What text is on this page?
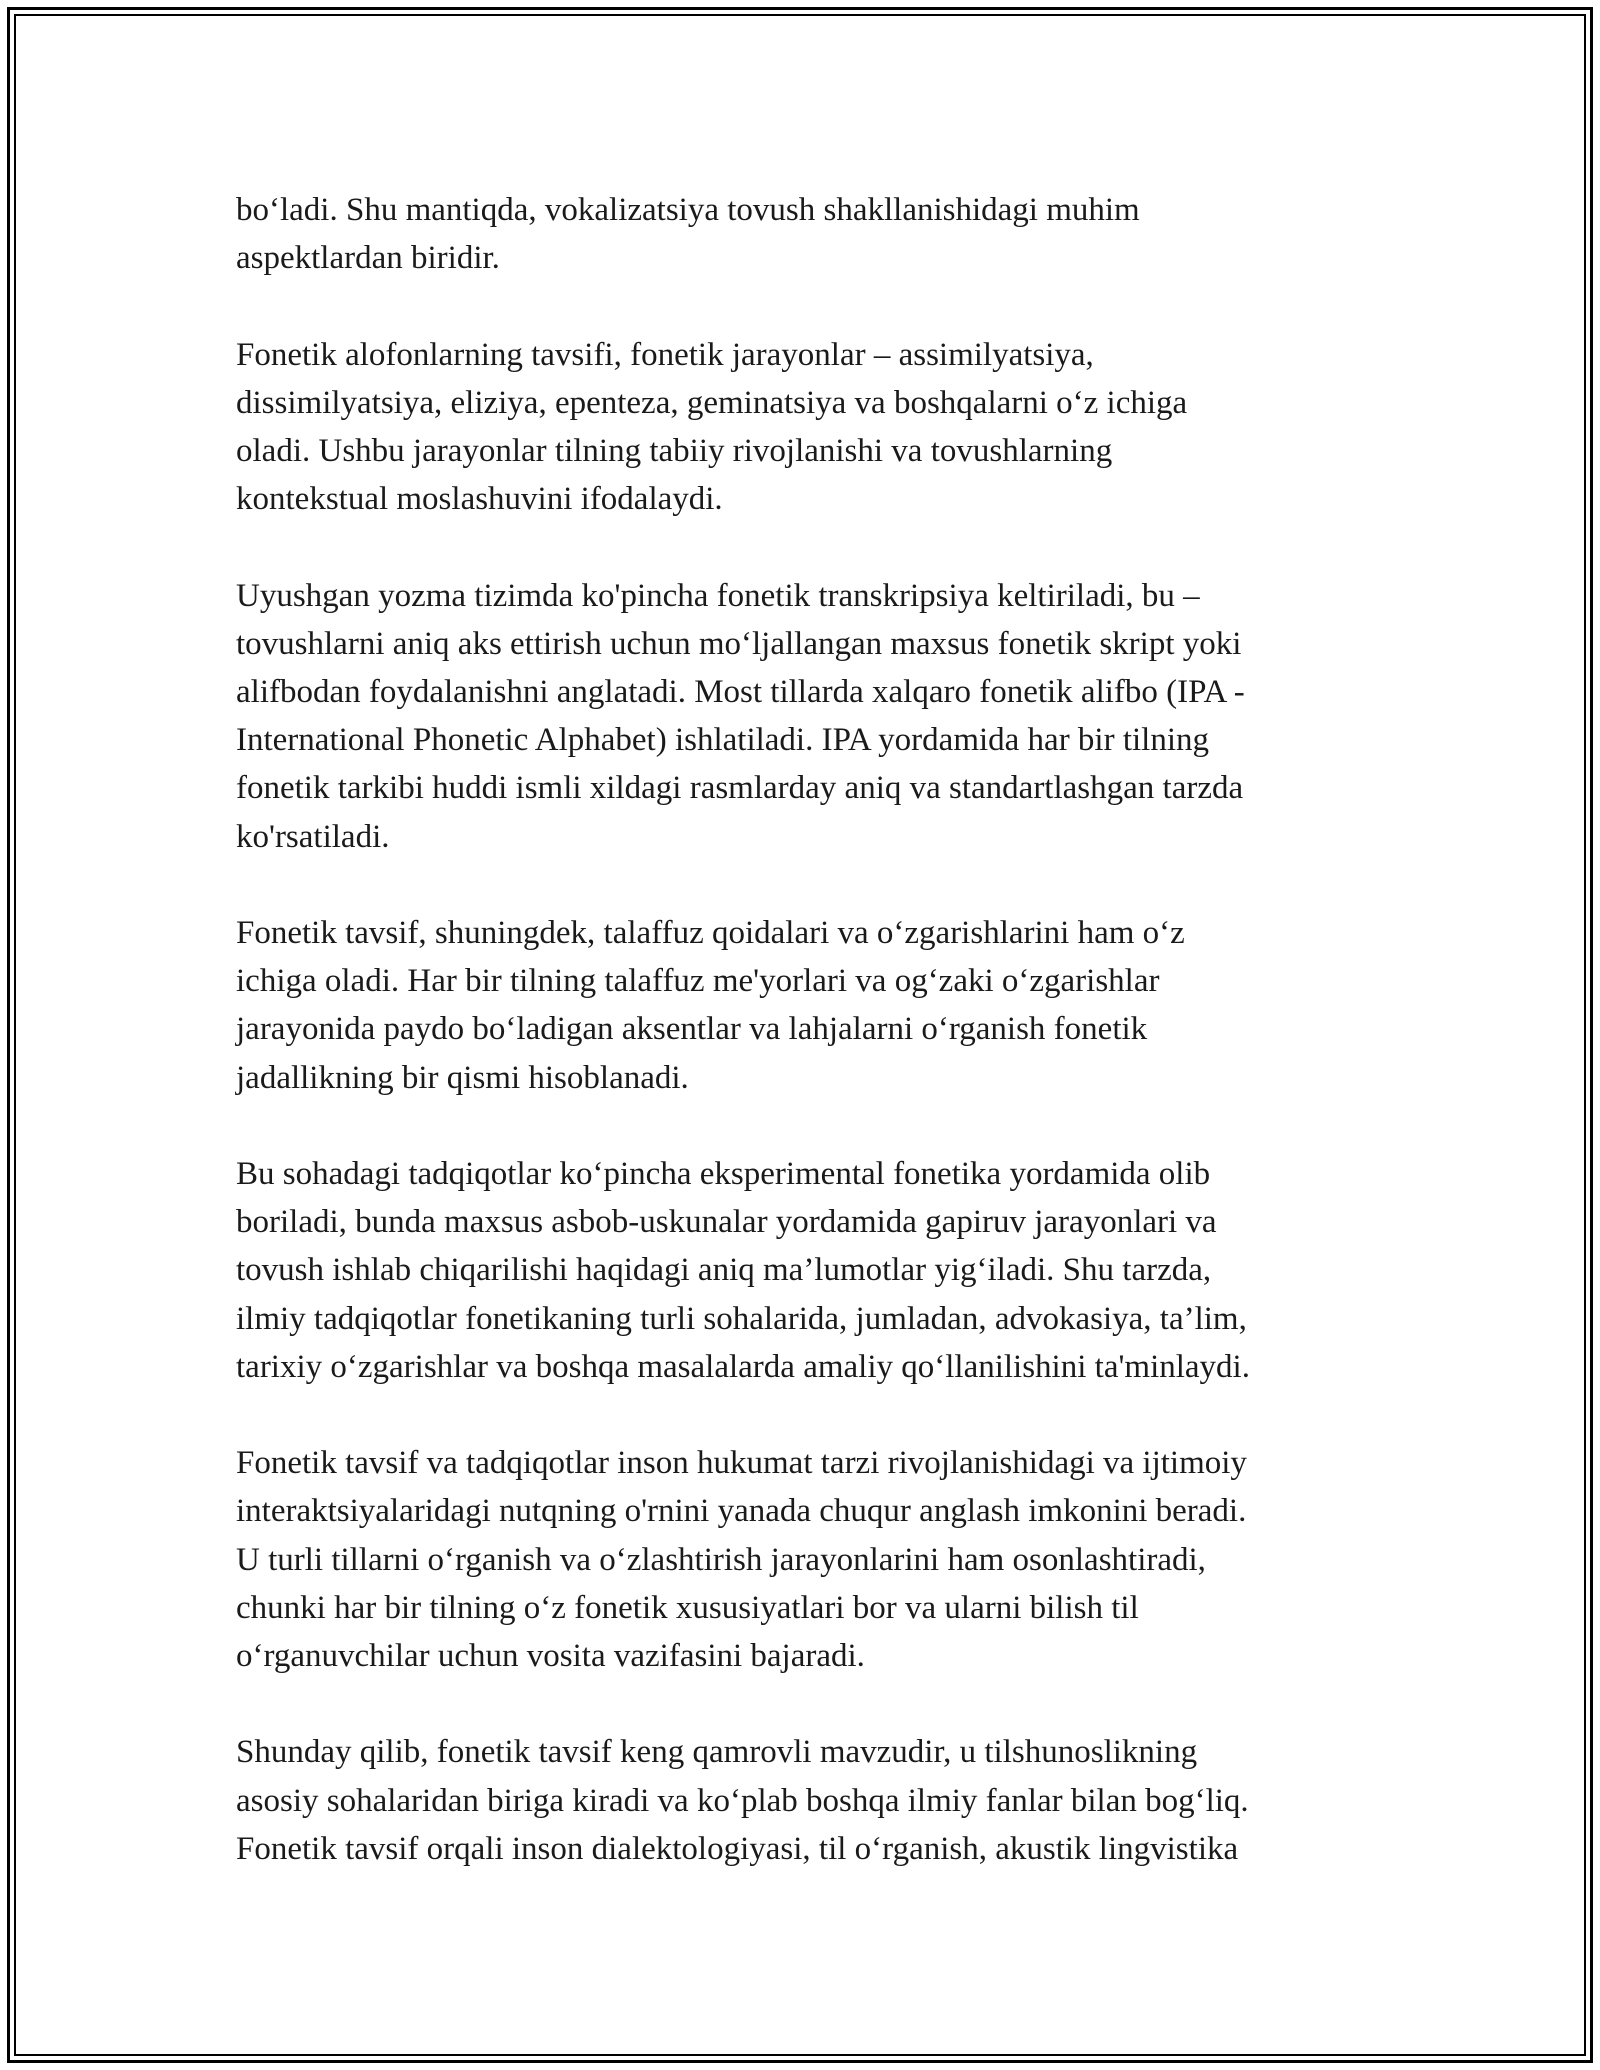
bo‘ladi. Shu mantiqda, vokalizatsiya tovush shakllanishidagi muhim
aspektlardan biridir.

Fonetik alofonlarning tavsifi, fonetik jarayonlar – assimilyatsiya,
dissimilyatsiya, eliziya, epenteza, geminatsiya va boshqalarni o‘z ichiga
oladi. Ushbu jarayonlar tilning tabiiy rivojlanishi va tovushlarning
kontekstual moslashuvini ifodalaydi.

Uyushgan yozma tizimda ko'pincha fonetik transkripsiya keltiriladi, bu –
tovushlarni aniq aks ettirish uchun mo‘ljallangan maxsus fonetik skript yoki
alifbodan foydalanishni anglatadi. Most tillarda xalqaro fonetik alifbo (IPA -
International Phonetic Alphabet) ishlatiladi. IPA yordamida har bir tilning
fonetik tarkibi huddi ismli xildagi rasmlarday aniq va standartlashgan tarzda
ko'rsatiladi.

Fonetik tavsif, shuningdek, talaffuz qoidalari va o‘zgarishlarini ham o‘z
ichiga oladi. Har bir tilning talaffuz me'yorlari va og‘zaki o‘zgarishlar
jarayonida paydo bo‘ladigan aksentlar va lahjalarni o‘rganish fonetik
jadallikning bir qismi hisoblanadi.

Bu sohadagi tadqiqotlar ko‘pincha eksperimental fonetika yordamida olib
boriladi, bunda maxsus asbob-uskunalar yordamida gapiruv jarayonlari va
tovush ishlab chiqarilishi haqidagi aniq ma’lumotlar yig‘iladi. Shu tarzda,
ilmiy tadqiqotlar fonetikaning turli sohalarida, jumladan, advokasiya, ta’lim,
tarixiy o‘zgarishlar va boshqa masalalarda amaliy qo‘llanilishini ta'minlaydi.

Fonetik tavsif va tadqiqotlar inson hukumat tarzi rivojlanishidagi va ijtimoiy
interaktsiyalaridagi nutqning o'rnini yanada chuqur anglash imkonini beradi.
U turli tillarni o‘rganish va o‘zlashtirish jarayonlarini ham osonlashtiradi,
chunki har bir tilning o‘z fonetik xususiyatlari bor va ularni bilish til
o‘rganuvchilar uchun vosita vazifasini bajaradi.

Shunday qilib, fonetik tavsif keng qamrovli mavzudir, u tilshunoslikning
asosiy sohalaridan biriga kiradi va ko‘plab boshqa ilmiy fanlar bilan bog‘liq.
Fonetik tavsif orqali inson dialektologiyasi, til o‘rganish, akustik lingvistika
